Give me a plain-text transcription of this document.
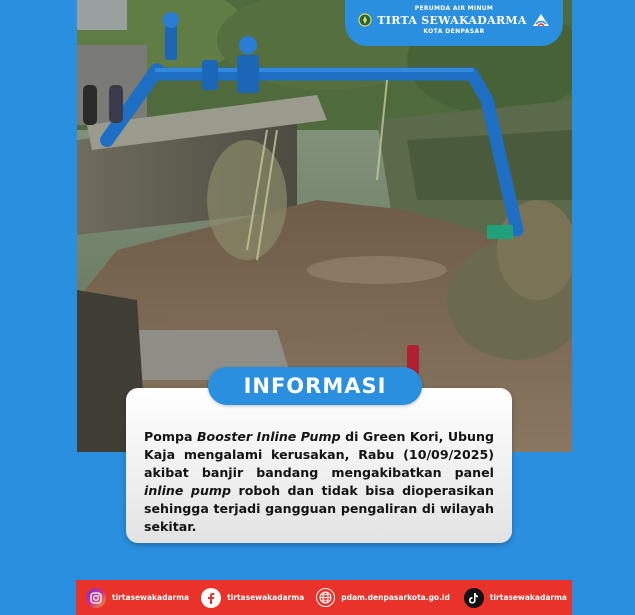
PERUMDA AIR MINUM
TIRTA SEWAKADARMA
KOTA DENPASAR
INFORMASI
Pompa Booster Inline Pump di Green Kori, Ubung Kaja mengalami kerusakan, Rabu (10/09/2025) akibat banjir bandang mengakibatkan panel inline pump roboh dan tidak bisa dioperasikan sehingga terjadi gangguan pengaliran di wilayah sekitar.
tirtasewakadarma	tirtasewakadarma	pdam.denpasarkota.go.id	tirtasewakadarma
